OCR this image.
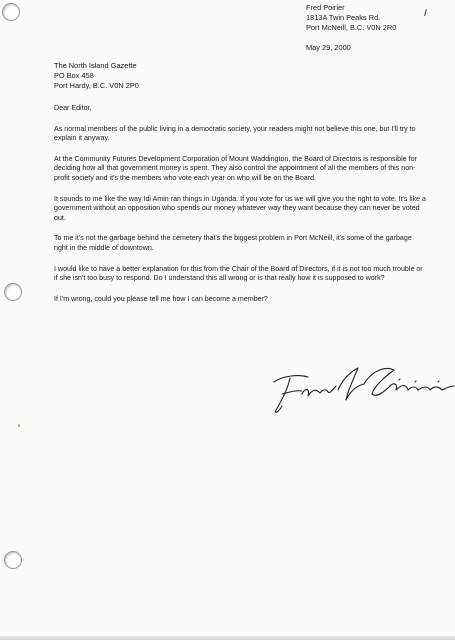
Fred Poirier
1813A Twin Peaks Rd.
Port McNeill, B.C. V0N 2R0
May 29, 2000
The North Island Gazette
PO Box 458
Port Hardy, B.C. V0N 2P0

Dear Editor,

As normal members of the public living in a democratic society, your readers might not believe this one, but I'll try to explain it anyway.

At the Community Futures Development Corporation of Mount Waddington, the Board of Directors is responsible for deciding how all that government money is spent. They also control the appointment of all the members of this non-profit society and it's the members who vote each year on who will be on the Board.

It sounds to me like the way Idi Amin ran things in Uganda. If you vote for us we will give you the right to vote. It's like a government without an opposition who spends our money whatever way they want because they can never be voted out.

To me it's not the garbage behind the cemetery that's the biggest problem in Port McNeill, it's some of the garbage right in the middle of downtown.

I would like to have a better explanation for this from the Chair of the Board of Directors, if it is not too much trouble or if she isn't too busy to respond. Do I understand this all wrong or is that really how it is supposed to work?

If I'm wrong, could you please tell me how I can become a member?
